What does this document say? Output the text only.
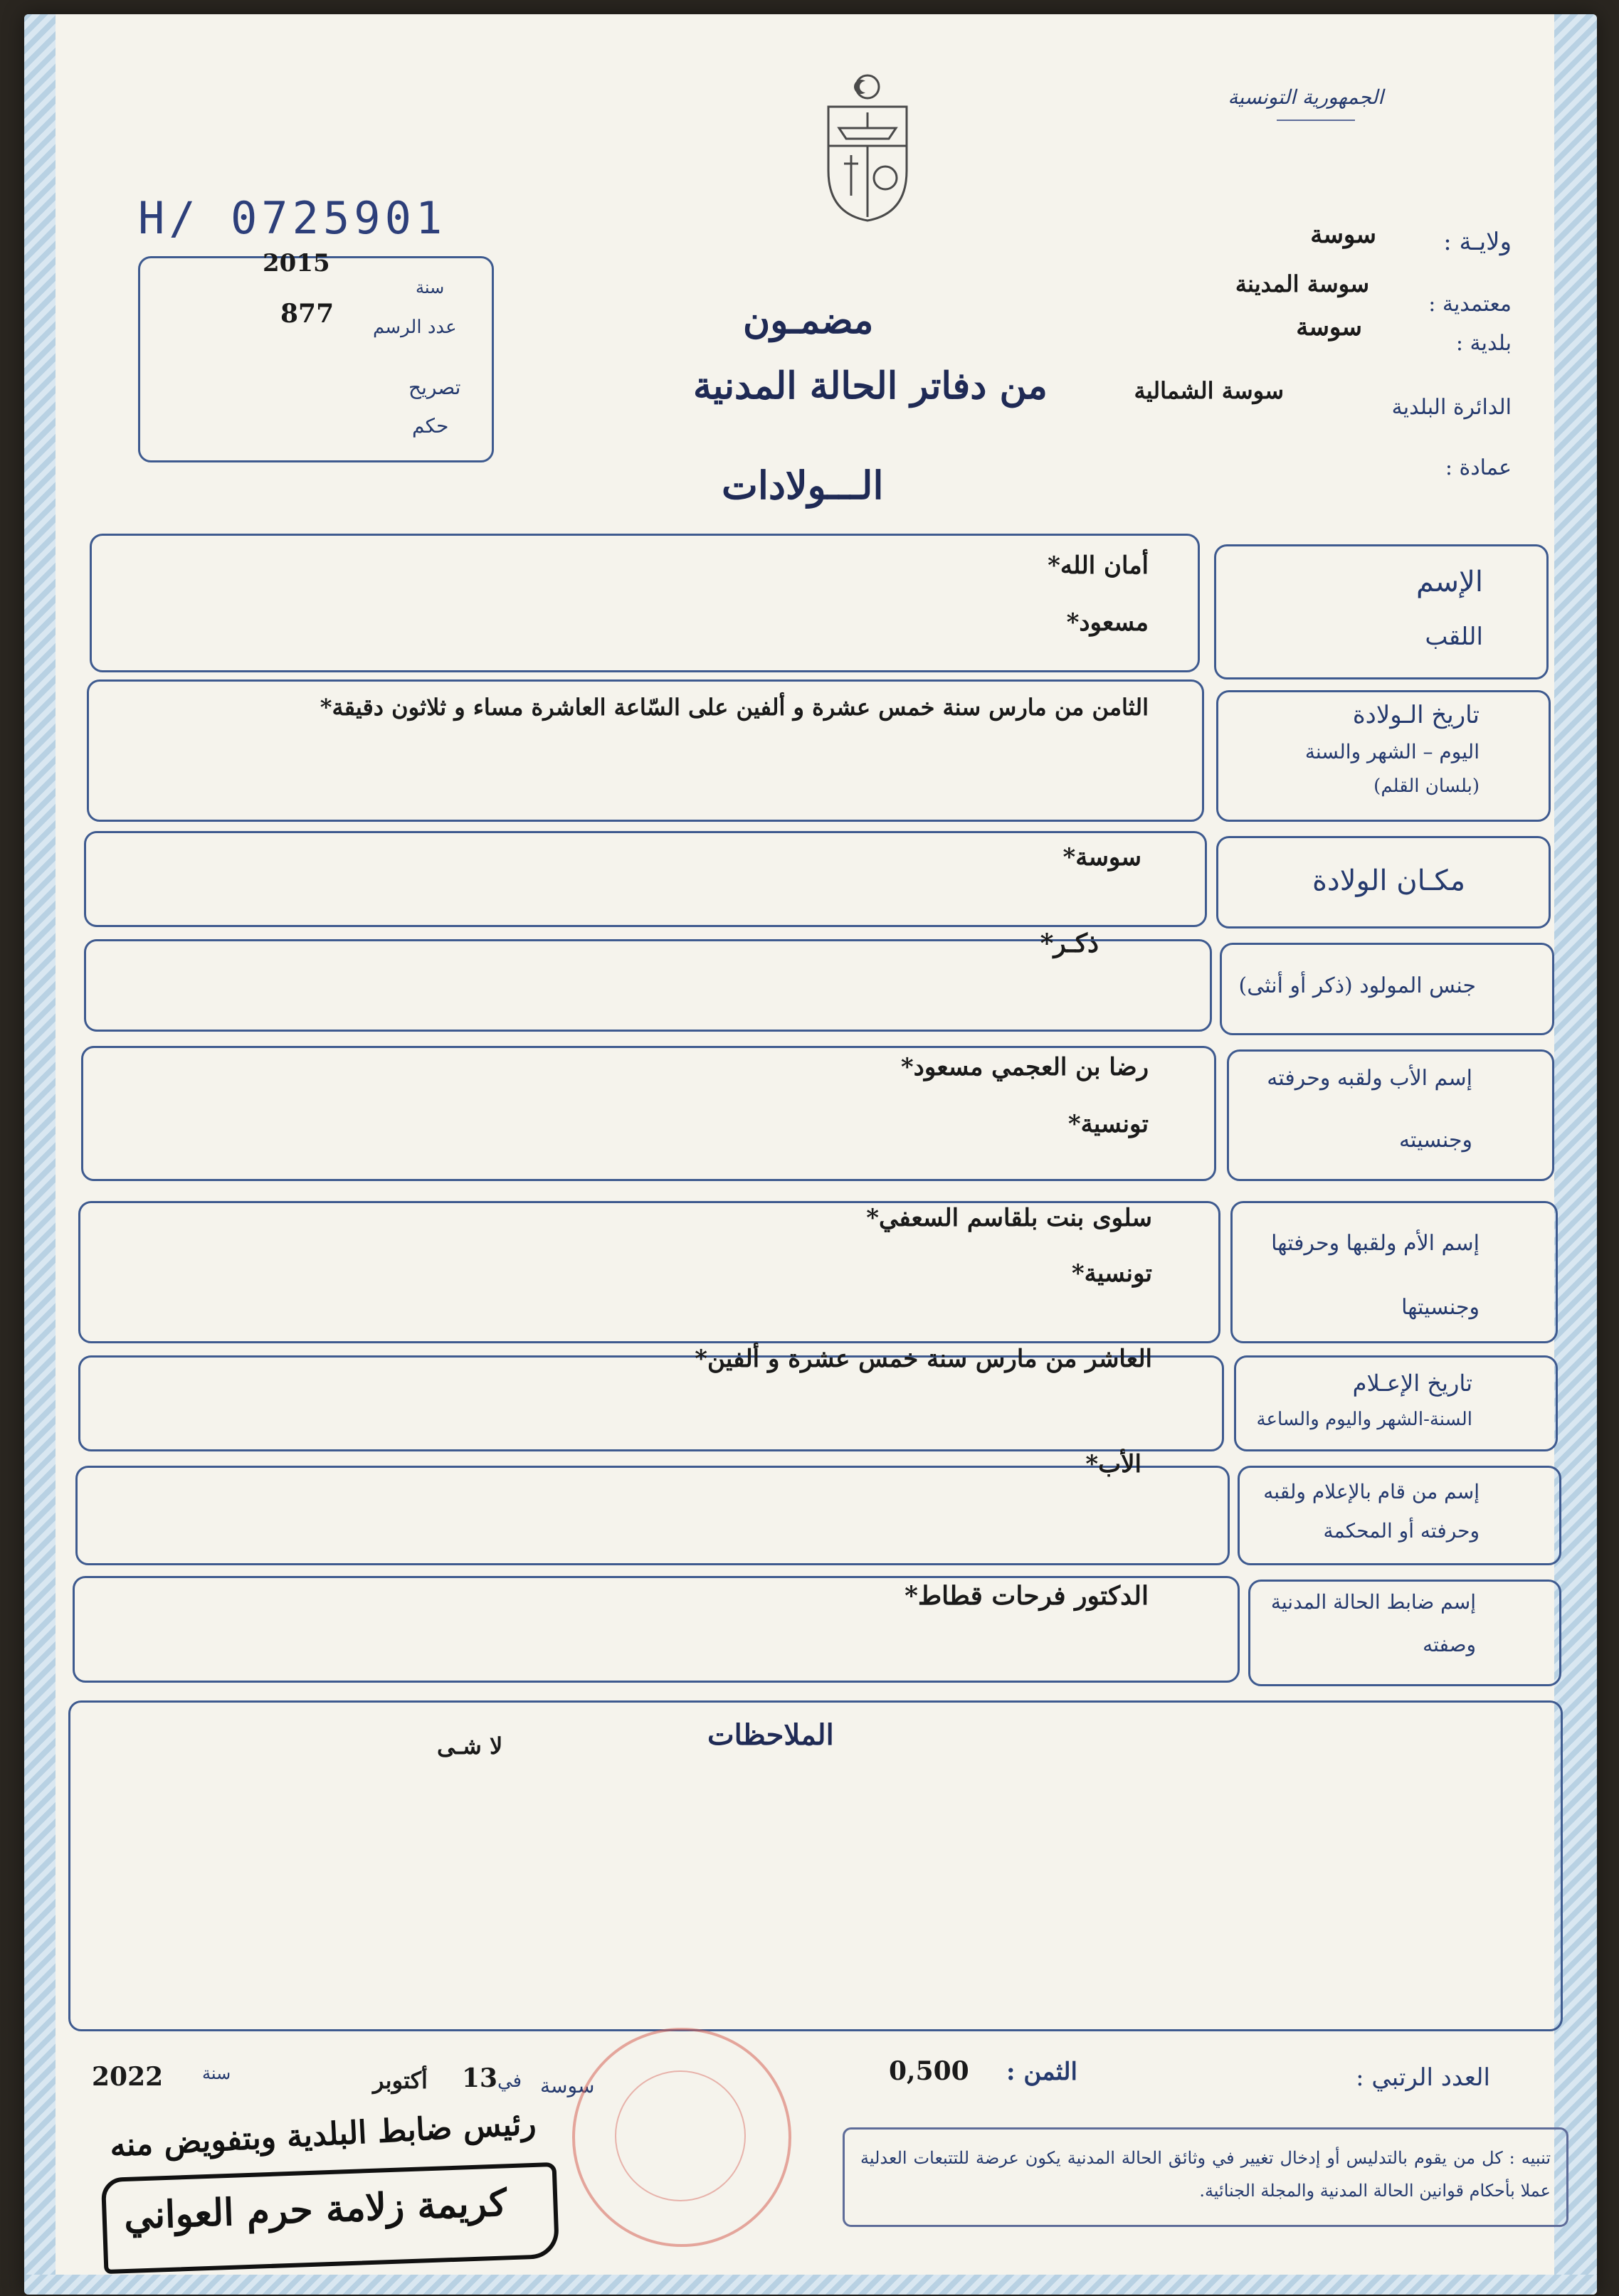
الجمهورية التونسية
ولايـة :
سوسة
معتمدية :
سوسة المدينة
بلدية :
سوسة
الدائرة البلدية
سوسة الشمالية
عمادة :
مضمـون
من دفاتر الحالة المدنية
الـــولادات
H/ 0725901
سنة
2015
عدد الرسم
877
تصريح
حكم
الإسم
اللقب
أمان الله*
مسعود*
تاريخ الـولادة
اليوم – الشهر والسنة
(بلسان القلم)
الثامن من مارس سنة خمس عشرة و ألفين على السّاعة العاشرة مساء و ثلاثون دقيقة*
مكـان الولادة
سوسة*
جنس المولود (ذكر أو أنثى)
ذكـر*
إسم الأب ولقبه وحرفته
وجنسيته
رضا بن العجمي مسعود*
تونسية*
إسم الأم ولقبها وحرفتها
وجنسيتها
سلوى بنت بلقاسم السعفي*
تونسية*
تاريخ الإعـلام
السنة-الشهر واليوم والساعة
العاشر من مارس سنة خمس عشرة و ألفين*
إسم من قام بالإعلام ولقبه
وحرفته أو المحكمة
الأب*
إسم ضابط الحالة المدنية
وصفته
الدكتور فرحات قطاط*
الملاحظات
لا شـى
العدد الرتبي :
الثمن :
0,500
سوسة
في
13
أكتوبر
سنة
2022
تنبيه : كل من يقوم بالتدليس أو إدخال تغيير في وثائق الحالة المدنية يكون عرضة للتتبعات العدلية عملا بأحكام قوانين الحالة المدنية والمجلة الجنائية.
رئيس ضابط البلدية وبتفويض منه
كريمة زلامة حرم العواني
